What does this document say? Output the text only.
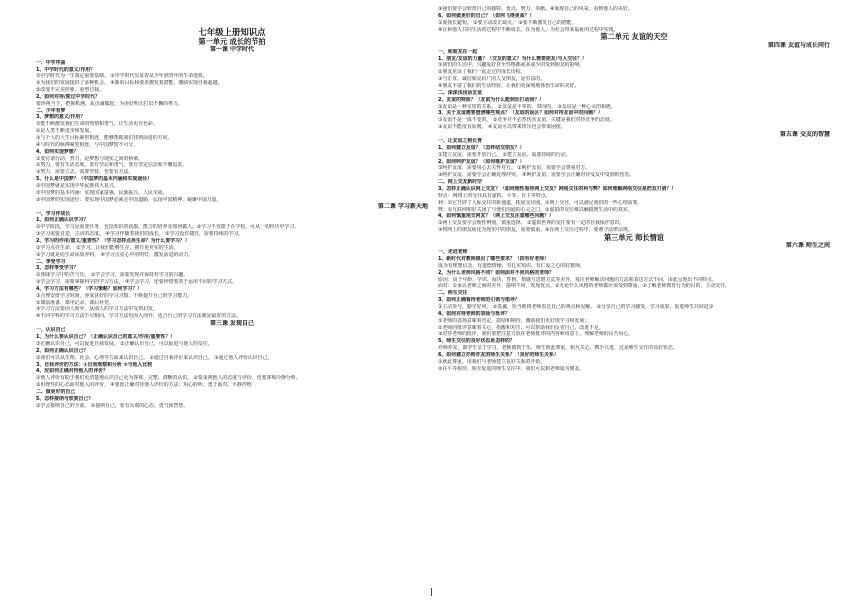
七年级上册知识点
第一单元 成长的节拍
第一课 中学时代
一、中学序曲
1、中学时代的意义/作用？
①中学时代为一生奠定重要基础。 ②中学时代见证着从少年到青年的生命进阶。
③为我们的发展提供了多种机会。 ④新的目标和要求激发着潜能，激励实现自我超越。
⑤改变不完美形象，重塑自我。
2、如何对待/度过中学时代？
要珍视当下，把握机遇，从点滴做起，为美好明天打出不懈的努力。
二、少年有梦
3、梦想的意义/作用？
①能不断激发我们生命的热情和勇气，让生活更有色彩。
②是人类不断进步和发展。
③与个人的人生目标紧密相连，能够帮助我们找到前进的方向。
④与时代的脉搏紧密相连，与中国梦密不可分。
4、如何实现梦想？
①要付诸行动，努力，是梦想与现实之间的桥梁。
②努力，要有生活态度，要有坚忍和勇气，要有坚定信念和不懈追求。
③努力，需要立志，需要坚持，也要有方法。
5、什么是中国梦？（中国梦的基本内涵和实现途径）
①中国梦就是实现中华民族伟大复兴。
②中国梦的基本内涵：实现国家富强、民族振兴、人民幸福。
③中国梦的实现途径：要实现中国梦必须走中国道路，弘扬中国精神，凝聚中国力量。
第二课 学习新天地
一、学习伴成长
1、如何正确认识学习？
①中学阶段，学习是重要任务，包括知识的获取，能力的培养及如何做人。②学习不仅限于在学校，可从一切经历中学习。
③学习需要自觉、主动的态度。 ④学习伴随着我们的成长。 ⑤学习没有捷径，需要持续的学习。
2、学习的作用/意义/重要性？（学习怎样点亮生命？为什么要学习？）
①学习点亮生命， ②学习，让我们能够生存，拥有更充实的生活。
③学习就是给生命添加养料， ④学习点亮心中的明灯，激发前进的动力。
二、享受学习
3、怎样享受学习？
①体味学习中的苦与乐， ②学会学习，需要发现并保持对学习的兴趣。
③学会学习，需要掌握科学的学习方法。 ④学会学习，还要珍惜要善于运用不同的学习方式。
4、学习方法有哪些？（学习策略？如何学习？）
①合理安排学习时间，养成良好的学习习惯，不断提升自己的学习能力。
②课前准备、课中记录，课后补充。
③学习方法要因人而异，从别人的学习方法中受到启发。
④不同学科的学习方法不尽相同，学习方法也因人而异，适合自己的学习方法就是最好的方法。
第三课 发现自己
一、认识自己
1、为什么要认识自己？（正确认识自己的意义/作用/重要性？）
①正确认识自己，可以促进自我发展。 ②正确认识自己，可以促进与他人的交往。
2、如何正确认识自己？
①我们可以从生理、社会、心理等方面来认识自己。 ②通过自我评价来认识自己。 ③通过他人评价认识自己。
3、自我评价的方法：①自我观察和分析 ②与他人比较
4、应如何正确对待他人的评价？
①他人评价有助于我们更清楚地认识自己更为客观、完整、清晰的认识。 ②要重视他人的态度与评价，也要客观冷静分析。
③用理性的心态面对他人的评价。 ④要愿正确对待他人评价的方法：用心聆听、勇于面对、平静控绝
二、做更好的自己
5、怎样接纳与欣赏自己？
①学会接纳自己的全部。 ②接纳自己，要有乐观的心态、勇气和智慧。
③我们要学会欣赏自己的独特、优点、努力、奉献。④展现自己的风采，看到他人的美好。
6、如何做更好的自己？（如何飞得更高？）
①要扬长避短。 ②要主动改正缺点。 ③要不断激发自己的潜能。
④在和他人共同生活的过程中不断成长，在为他人、为社会带来福祉的过程中实现。
第二单元 友谊的天空
第四课 友谊与成长同行
一、和朋友在一起
1、朋友/友谊的力量？（交友的意义？为什么需要朋友/与人交往？）
①我们的生活中，兴趣爱好甚至性格都或多或少的受到朋友的影响。
②朋友见证了我们一起走过的成长历程。
③与正直、诚信和见识广的人交朋友，是有益的。
④朋友丰富了我们的生活经验，让我们更深刻地体悟生命的美好。
二、深深浅浅话友谊
2、友谊的特质？（友谊为什么能到处打动我？）
①友谊是一种亲密的关系。 ②友谊是平等的、双向的。 ③友谊是一种心灵的相遇。
3、关于友谊需要澄清哪些观点？（友谊的误区？如何对待友谊中的问题？）
①友谊不是一成不变的。 ②竞争并不必然伤害友谊，关键是我们对待竞争的态度。
③友谊不能没有原则。 ④友谊可以带来快乐也会带来困扰。
第五课 交友的智慧
一、让友谊之树长青
1、如何建立友谊？（怎样结交朋友？）
①建立友谊，需要开放自己。 ②建立友谊，需要持续的行动。
2、如何呵护友谊？（如何维护友谊？）
①呵护友谊，需要用心去关怀对方。 ②呵护友谊，需要学会尊重对方。
③呵护友谊，需要学会正确处理冲突。 ④呵护友谊，需要学会正确对待受友中受到的伤害。
二、网上交友新时空
3、怎样正确认识网上交友？（如何理性看待网上交友？网络交往的利与弊？如何理解网络交往是把双刃剑？）
特点：网络上的交往具有虚拟、平等、自主等特点。
利：①它开辟了人际交往的新通道，拓展交往圈。②网上交往，可以满足我们的一些心理需要。
弊：①互联网和好关闭了与他们沟通的心灵之门。②虚拟的交往难以触摸到生活中的真实。
4、如何慎重地交网友？（网上交友注意哪些问题？）
①网上交友要学会理性辨别，慎重选择。 ②虚拟世界的交往要有一定的自我保护意识。
③将网上的朋友转化为现实中的朋友，需要慎重。④在网上交往过程中，要遵守法律法规。
第三单元 师长情谊
第六课 师生之间
一、走进老师
1、新时代对教师提出了哪些要求？（四有好老师）
成为有理想信念、有道德情操、有扎实知识、有仁爱之心的好教师。
2、为什么老师风格不同？如何面对不同风格的老师？
原因：由于年龄、学识、阅历、性格、情感与思维方式等差异，每位老师解决问题的方法和表达方式不同，由此呈现出不同特点。
面对：①承认老师之间的差异，接纳不同，发现优点。②无论什么风格的老师都应该受到尊重。③了解老师教育行为的目的，主动交往。
二、师生交往
3、如何正确看待老师的引领与指导？
①主动参与，勤学好问。 ②真诚，恰当地将老师表达自己的观点和见解。 ③分享自己的学习感受、学习成果，促进师生共同进步
4、如何对待老师的表扬与批评？
①老师的表扬意味着肯定、鼓励和期待，激励我们更好地学习和发展；
②老师的批评意味着关心，指醒和劝告，可以帮助我们反省自己，改进不足。
③对待老师的批评，我们要把注意力放在老师批评的内容和用意上，理解老师的良苦用心。
5、师生交往的良好状态是怎样的？
亦师亦友，即学生亲于学习，老师离教于乐，师生彼此尊重，相互关心，携手共进，这是师生交往的良好状态。
6、如何建立亦师亦友的师生关系？（良好的师生关系）
①就此尊重，用我们与老师建立良好关系的开始。
②在平等相待、相互促进的师生交往中，我们可以和老师成为朋友。
